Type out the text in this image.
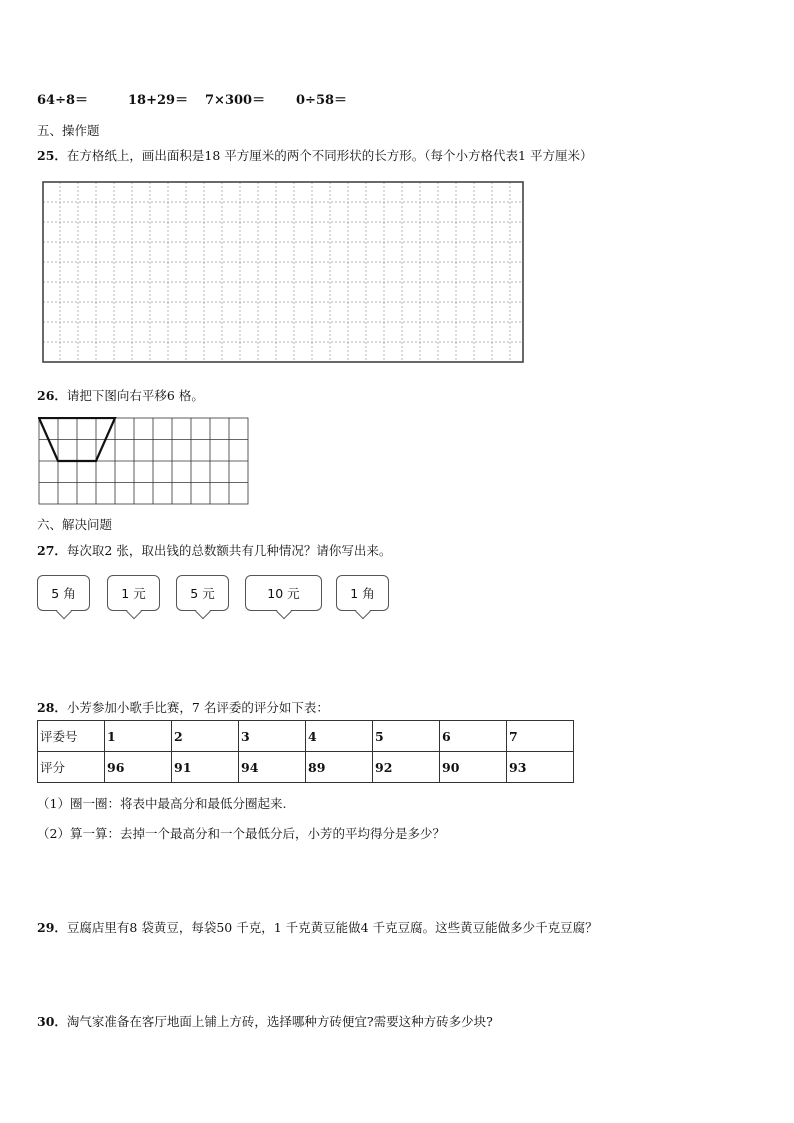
64÷8＝	18+29＝ 7×300＝ 0÷58＝
五、操作题
25．在方格纸上，画出面积是18 平方厘米的两个不同形状的长方形。（每个小方格代表1 平方厘米）
26．请把下图向右平移6 格。
六、解决问题
27．每次取2 张，取出钱的总数额共有几种情况？请你写出来。
5 角	1 元	5 元	10 元	1 角
28．小芳参加小歌手比赛，7 名评委的评分如下表：
评委号	1	2	3	4	5	6	7
评分	96	91	94	89	92	90	93
（1）圈一圈：将表中最高分和最低分圈起来.
（2）算一算：去掉一个最高分和一个最低分后，小芳的平均得分是多少？
29．豆腐店里有8 袋黄豆，每袋50 千克，1 千克黄豆能做4 千克豆腐。这些黄豆能做多少千克豆腐？
30．淘气家准备在客厅地面上铺上方砖，选择哪种方砖便宜?需要这种方砖多少块?
